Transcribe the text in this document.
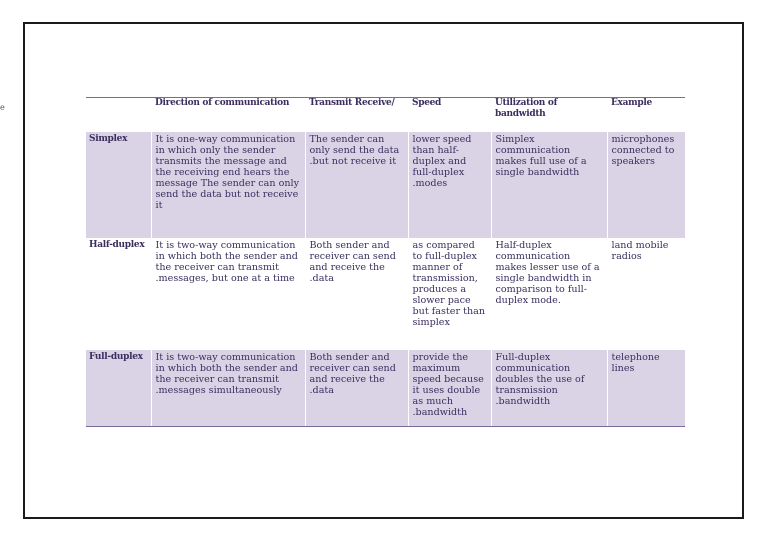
e
		Direction of communication	Transmit Receive/	Speed	Utilization of bandwidth	Example
Simplex	It is one-way communication in which only the sender transmits the message and the receiving end hears the message The sender can only send the data but not receive it	The sender can only send the data .but not receive it	lower speed than half-duplex and full-duplex .modes	Simplex communication makes full use of a single bandwidth	microphones connected to speakers
Half-duplex	It is two-way communication in which both the sender and the receiver can transmit .messages, but one at a time	Both sender and receiver can send and receive the .data	as compared to full-duplex manner of transmission, produces a slower pace but faster than simplex	Half-duplex communication makes lesser use of a single bandwidth in comparison to full-duplex mode.	land mobile radios
Full-duplex	It is two-way communication in which both the sender and the receiver can transmit .messages simultaneously	Both sender and receiver can send and receive the .data	provide the maximum speed because it uses double as much .bandwidth	Full-duplex communication doubles the use of transmission .bandwidth	telephone lines
